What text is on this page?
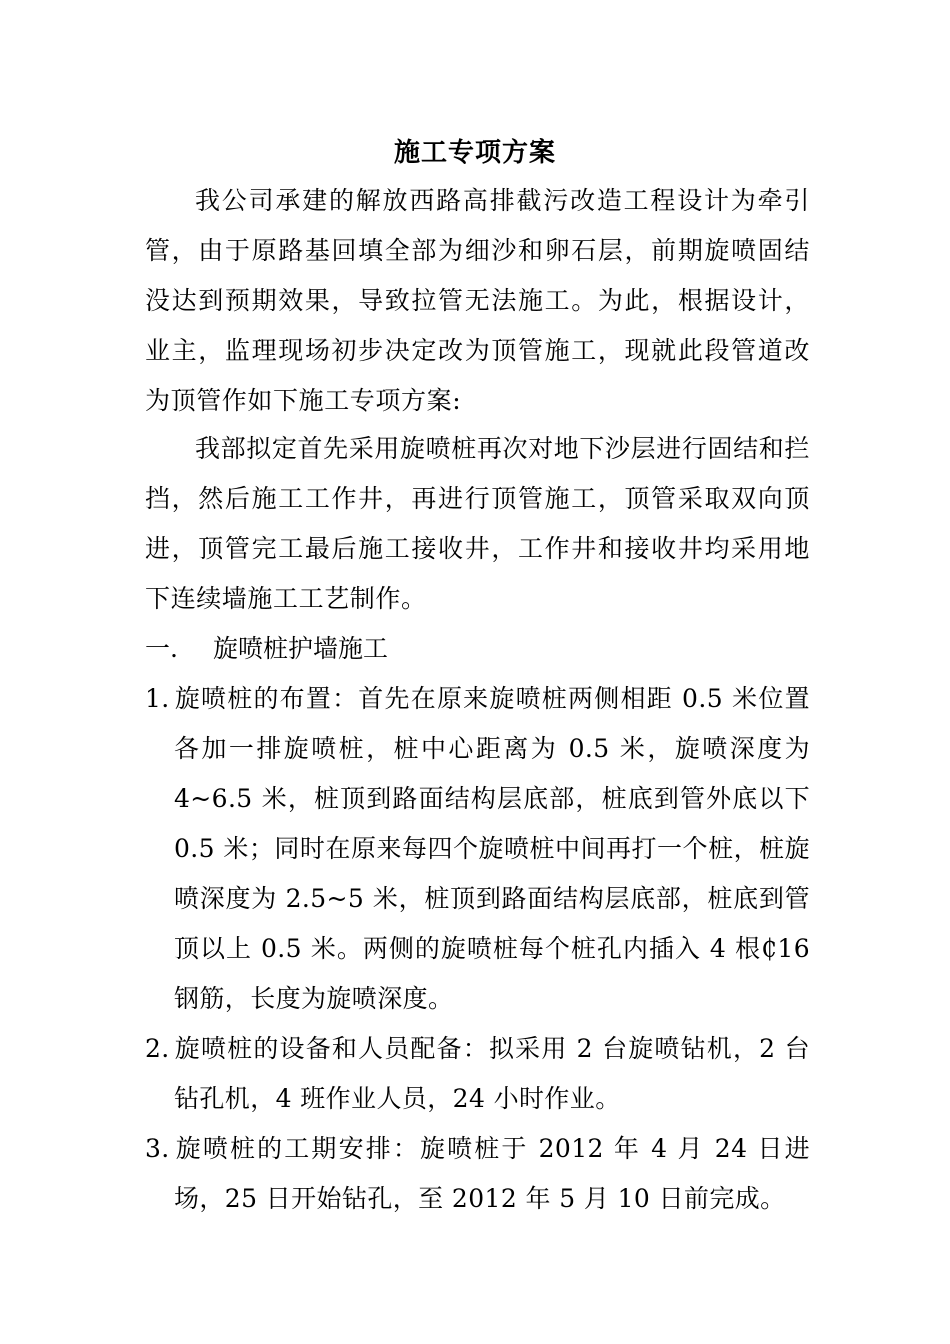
施工专项方案
我公司承建的解放西路高排截污改造工程设计为牵引管，由于原路基回填全部为细沙和卵石层，前期旋喷固结没达到预期效果，导致拉管无法施工。为此，根据设计，业主，监理现场初步决定改为顶管施工，现就此段管道改为顶管作如下施工专项方案:
我部拟定首先采用旋喷桩再次对地下沙层进行固结和拦挡，然后施工工作井，再进行顶管施工，顶管采取双向顶进，顶管完工最后施工接收井，工作井和接收井均采用地下连续墙施工工艺制作。
一. 旋喷桩护墙施工
1. 旋喷桩的布置：首先在原来旋喷桩两侧相距 0.5 米位置各加一排旋喷桩，桩中心距离为 0.5 米，旋喷深度为 4~6.5 米，桩顶到路面结构层底部，桩底到管外底以下 0.5 米；同时在原来每四个旋喷桩中间再打一个桩，桩旋喷深度为 2.5~5 米，桩顶到路面结构层底部，桩底到管顶以上 0.5 米。两侧的旋喷桩每个桩孔内插入 4 根₵16 钢筋，长度为旋喷深度。
2. 旋喷桩的设备和人员配备：拟采用 2 台旋喷钻机，2 台钻孔机，4 班作业人员，24 小时作业。
3. 旋喷桩的工期安排：旋喷桩于 2012 年 4 月 24 日进场，25 日开始钻孔，至 2012 年 5 月 10 日前完成。
